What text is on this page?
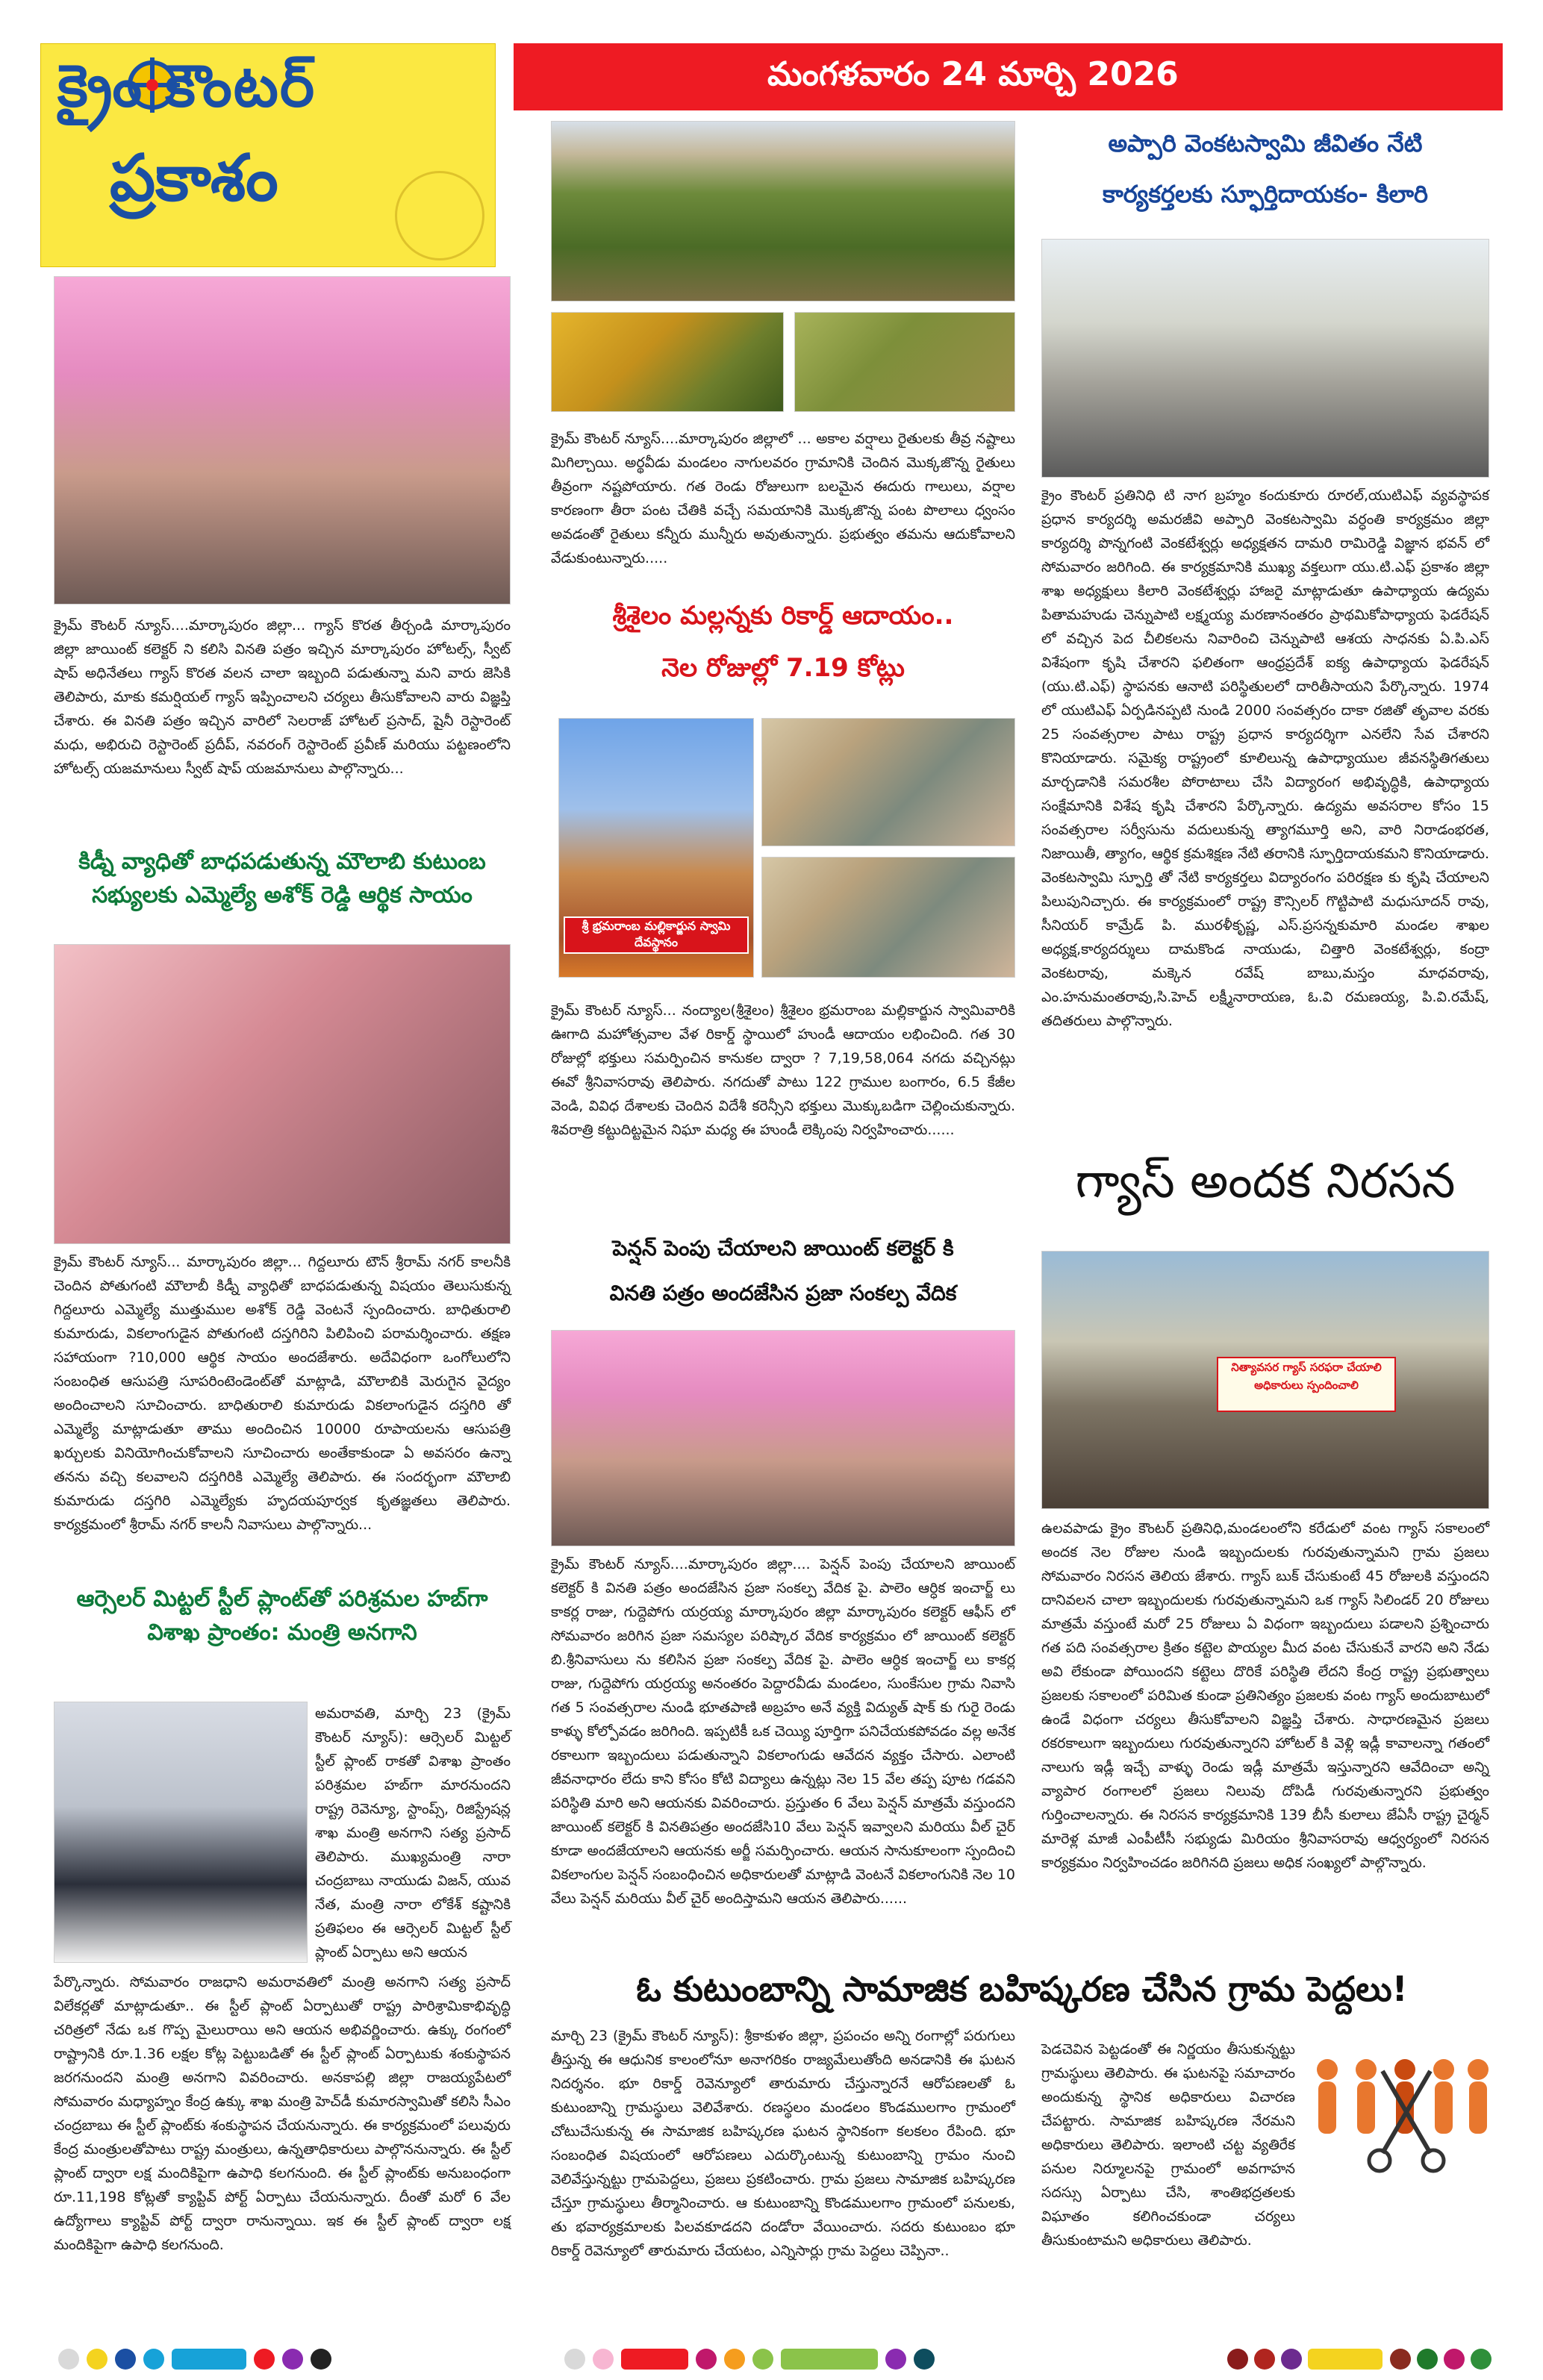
క్రైం కౌంటర్
ప్రకాశం
మంగళవారం 24 మార్చి 2026
క్రైమ్ కౌంటర్ న్యూస్....మార్కాపురం జిల్లా... గ్యాస్ కొరత తీర్చండి మార్కాపురం జిల్లా జాయింట్ కలెక్టర్ ని కలిసి వినతి పత్రం ఇచ్చిన మార్కాపురం హోటల్స్, స్వీట్ షాప్ అధినేతలు గ్యాస్ కొరత వలన చాలా ఇబ్బంది పడుతున్నా మని వారు జెసికి తెలిపారు, మాకు కమర్షియల్ గ్యాస్ ఇప్పించాలని చర్యలు తీసుకోవాలని వారు విజ్ఞప్తి చేశారు. ఈ వినతి పత్రం ఇచ్చిన వారిలో సెలరాజ్ హోటల్ ప్రసాద్, షైనీ రెస్టారెంట్ మధు, అభిరుచి రెస్టారెంట్ ప్రదీప్, నవరంగ్ రెస్టారెంట్ ప్రవీణ్ మరియు పట్టణంలోని హోటల్స్ యజమానులు స్వీట్ షాప్ యజమానులు పాల్గొన్నారు...
కిడ్నీ వ్యాధితో బాధపడుతున్న మౌలాబి కుటుంబ సభ్యులకు ఎమ్మెల్యే అశోక్ రెడ్డి ఆర్థిక సాయం
క్రైమ్ కౌంటర్ న్యూస్... మార్కాపురం జిల్లా... గిద్దలూరు టౌన్ శ్రీరామ్ నగర్ కాలనీకి చెందిన పోతుగంటి మౌలాబీ కిడ్నీ వ్యాధితో బాధపడుతున్న విషయం తెలుసుకున్న గిద్దలూరు ఎమ్మెల్యే ముత్తుముల అశోక్ రెడ్డి వెంటనే స్పందించారు. బాధితురాలి కుమారుడు, వికలాంగుడైన పోతుగంటి దస్తగిరిని పిలిపించి పరామర్శించారు. తక్షణ సహాయంగా ?10,000 ఆర్థిక సాయం అందజేశారు. అదేవిధంగా ఒంగోలులోని సంబంధిత ఆసుపత్రి సూపరింటెండెంట్‌తో మాట్లాడి, మౌలాబికి మెరుగైన వైద్యం అందించాలని సూచించారు. బాధితురాలి కుమారుడు వికలాంగుడైన దస్తగిరి తో ఎమ్మెల్యే మాట్లాడుతూ తాము అందించిన 10000 రూపాయలను ఆసుపత్రి ఖర్చులకు వినియోగించుకోవాలని సూచించారు అంతేకాకుండా ఏ అవసరం ఉన్నా తనను వచ్చి కలవాలని దస్తగిరికి ఎమ్మెల్యే తెలిపారు. ఈ సందర్భంగా మౌలాబి కుమారుడు దస్తగిరి ఎమ్మెల్యేకు హృదయపూర్వక కృతజ్ఞతలు తెలిపారు. కార్యక్రమంలో శ్రీరామ్ నగర్ కాలనీ నివాసులు పాల్గొన్నారు...
ఆర్సెలర్ మిట్టల్ స్టీల్ ప్లాంట్‌తో పరిశ్రమల హబ్‌గా విశాఖ ప్రాంతం: మంత్రి అనగాని
అమరావతి, మార్చి 23 (క్రైమ్ కౌంటర్ న్యూస్): ఆర్సెలర్ మిట్టల్ స్టీల్ ప్లాంట్ రాకతో విశాఖ ప్రాంతం పరిశ్రమల హబ్‌గా మారనుందని రాష్ట్ర రెవెన్యూ, స్టాంప్స్, రిజిస్ట్రేషన్ల శాఖ మంత్రి అనగాని సత్య ప్రసాద్ తెలిపారు. ముఖ్యమంత్రి నారా చంద్రబాబు నాయుడు విజన్, యువ నేత, మంత్రి నారా లోకేశ్ కష్టానికి ప్రతిఫలం ఈ ఆర్సెలర్ మిట్టల్ స్టీల్ ప్లాంట్ ఏర్పాటు అని ఆయన
పేర్కొన్నారు. సోమవారం రాజధాని అమరావతిలో మంత్రి అనగాని సత్య ప్రసాద్ విలేకర్లతో మాట్లాడుతూ.. ఈ స్టీల్ ప్లాంట్ ఏర్పాటుతో రాష్ట్ర పారిశ్రామికాభివృద్ధి చరిత్రలో నేడు ఒక గొప్ప మైలురాయి అని ఆయన అభివర్ణించారు. ఉక్కు రంగంలో రాష్ట్రానికి రూ.1.36 లక్షల కోట్ల పెట్టుబడితో ఈ స్టీల్ ప్లాంట్ ఏర్పాటుకు శంకుస్థాపన జరగనుందని మంత్రి అనగాని వివరించారు. అనకాపల్లి జిల్లా రాజయ్యపేటలో సోమవారం మధ్యాహ్నం కేంద్ర ఉక్కు శాఖ మంత్రి హెచ్‌డీ కుమారస్వామితో కలిసి సీఎం చంద్రబాబు ఈ స్టీల్ ప్లాంట్‌కు శంకుస్థాపన చేయనున్నారు. ఈ కార్యక్రమంలో పలువురు కేంద్ర మంత్రులతోపాటు రాష్ట్ర మంత్రులు, ఉన్నతాధికారులు పాల్గొననున్నారు. ఈ స్టీల్ ప్లాంట్ ద్వారా లక్ష మందికిపైగా ఉపాధి కలగనుంది. ఈ స్టీల్ ప్లాంట్‌కు అనుబంధంగా రూ.11,198 కోట్లతో క్యాప్టివ్ పోర్ట్ ఏర్పాటు చేయనున్నారు. దీంతో మరో 6 వేల ఉద్యోగాలు క్యాప్టివ్ పోర్ట్ ద్వారా రానున్నాయి. ఇక ఈ స్టీల్ ప్లాంట్ ద్వారా లక్ష మందికిపైగా ఉపాధి కలగనుంది.
క్రైమ్ కౌంటర్ న్యూస్....మార్కాపురం జిల్లాలో ... అకాల వర్షాలు రైతులకు తీవ్ర నష్టాలు మిగిల్చాయి. అర్థవీడు మండలం నాగులవరం గ్రామానికి చెందిన మొక్కజొన్న రైతులు తీవ్రంగా నష్టపోయారు. గత రెండు రోజులుగా బలమైన ఈదురు గాలులు, వర్షాల కారణంగా తీరా పంట చేతికి వచ్చే సమయానికి మొక్కజొన్న పంట పొలాలు ధ్వంసం అవడంతో రైతులు కన్నీరు మున్నీరు అవుతున్నారు. ప్రభుత్వం తమను ఆదుకోవాలని వేడుకుంటున్నారు.....
శ్రీశైలం మల్లన్నకు రికార్డ్ ఆదాయం..
నెల రోజుల్లో 7.19 కోట్లు
శ్రీ భ్రమరాంబ మల్లికార్జున స్వామి దేవస్థానం
క్రైమ్ కౌంటర్ న్యూస్... నంద్యాల(శ్రీశైలం) శ్రీశైలం భ్రమరాంబ మల్లికార్జున స్వామివారికి ఊగాది మహోత్సవాల వేళ రికార్డ్ స్థాయిలో హుండీ ఆదాయం లభించింది. గత 30 రోజుల్లో భక్తులు సమర్పించిన కానుకల ద్వారా ? 7,19,58,064 నగదు వచ్చినట్లు ఈవో శ్రీనివాసరావు తెలిపారు. నగదుతో పాటు 122 గ్రాముల బంగారం, 6.5 కేజీల వెండి, వివిధ దేశాలకు చెందిన విదేశీ కరెన్సీని భక్తులు మొక్కుబడిగా చెల్లించుకున్నారు. శివరాత్రి కట్టుదిట్టమైన నిఘా మధ్య ఈ హుండీ లెక్కింపు నిర్వహించారు......
పెన్షన్ పెంపు చేయాలని జాయింట్ కలెక్టర్ కి
వినతి పత్రం అందజేసిన ప్రజా సంకల్ప వేదిక
క్రైమ్ కౌంటర్ న్యూస్....మార్కాపురం జిల్లా.... పెన్షన్ పెంపు చేయాలని జాయింట్ కలెక్టర్ కి వినతి పత్రం అందజేసిన ప్రజా సంకల్ప వేదిక పై. పాలెం ఆర్ధిక ఇంచార్జ్ లు కాకర్ల రాజు, గుద్దెపోగు యర్రయ్య మార్కాపురం జిల్లా మార్కాపురం కలెక్టర్ ఆఫీస్ లో సోమవారం జరిగిన ప్రజా సమస్యల పరిష్కార వేదిక కార్యక్రమం లో జాయింట్ కలెక్టర్ బి.శ్రీనివాసులు ను కలిసిన ప్రజా సంకల్ప వేదిక పై. పాలెం ఆర్ధిక ఇంచార్జ్ లు కాకర్ల రాజు, గుద్దెపోగు యర్రయ్య అనంతరం పెద్దారవీడు మండలం, సుంకేసుల గ్రామ నివాసి గత 5 సంవత్సరాల నుండి భూతపాణి అబ్రహం అనే వ్యక్తి విద్యుత్ షాక్ కు గురై రెండు కాళ్ళు కోల్పోవడం జరిగింది. ఇప్పటికీ ఒక చెయ్యి పూర్తిగా పనిచేయకపోవడం వల్ల అనేక రకాలుగా ఇబ్బందులు పడుతున్నాని వికలాంగుడు ఆవేదన వ్యక్తం చేసారు. ఎలాంటి జీవనాధారం లేదు కాని కోసం కోటి విద్యాలు ఉన్నట్లు నెల 15 వేల తప్ప పూట గడవని పరిస్థితి మారి అని ఆయనకు వివరించారు. ప్రస్తుతం 6 వేలు పెన్షన్ మాత్రమే వస్తుందని జాయింట్ కలెక్టర్ కి వినతిపత్రం అందజేసి10 వేలు పెన్షన్ ఇవ్వాలని మరియు వీల్ చైర్ కూడా అందజేయాలని ఆయనకు అర్జీ సమర్పించారు. ఆయన సానుకూలంగా స్పందించి వికలాంగుల పెన్షన్ సంబంధించిన అధికారులతో మాట్లాడి వెంటనే వికలాంగునికి నెల 10 వేలు పెన్షన్ మరియు వీల్ చైర్ అందిస్తామని ఆయన తెలిపారు......
అప్పారి వెంకటస్వామి జీవితం నేటి
కార్యకర్తలకు స్ఫూర్తిదాయకం- కిలారి
క్రైం కౌంటర్ ప్రతినిధి టి నాగ బ్రహ్మం కందుకూరు రూరల్,యుటిఎఫ్ వ్యవస్థాపక ప్రధాన కార్యదర్శి అమరజీవి అప్పారి వెంకటస్వామి వర్ధంతి కార్యక్రమం జిల్లా కార్యదర్శి పొన్నగంటి వెంకటేశ్వర్లు అధ్యక్షతన దామరి రామిరెడ్డి విజ్ఞాన భవన్ లో సోమవారం జరిగింది. ఈ కార్యక్రమానికి ముఖ్య వక్తలుగా యు.టి.ఎఫ్ ప్రకాశం జిల్లా శాఖ అధ్యక్షులు కిలారి వెంకటేశ్వర్లు హాజరై మాట్లాడుతూ ఉపాధ్యాయ ఉద్యమ పితామహుడు చెన్నుపాటి లక్ష్మయ్య మరణానంతరం ప్రాథమికోపాధ్యాయ ఫెడరేషన్ లో వచ్చిన పెద చీలికలను నివారించి చెన్నుపాటి ఆశయ సాధనకు ఏ.పి.ఎస్ విశేషంగా కృషి చేశారని ఫలితంగా ఆంధ్రప్రదేశ్ ఐక్య ఉపాధ్యాయ ఫెడరేషన్ (యు.టి.ఎఫ్) స్థాపనకు ఆనాటి పరిస్థితులలో దారితీసాయని పేర్కొన్నారు. 1974 లో యుటిఎఫ్ ఏర్పడినప్పటి నుండి 2000 సంవత్సరం దాకా రజితో తృవాల వరకు 25 సంవత్సరాల పాటు రాష్ట్ర ప్రధాన కార్యదర్శిగా ఎనలేని సేవ చేశారని కొనియాడారు. సమైక్య రాష్ట్రంలో కూలిలున్న ఉపాధ్యాయుల జీవనస్థితిగతులు మార్చడానికి సమరశీల పోరాటాలు చేసి విద్యారంగ అభివృద్ధికి, ఉపాధ్యాయ సంక్షేమానికి విశేష కృషి చేశారని పేర్కొన్నారు. ఉద్యమ అవసరాల కోసం 15 సంవత్సరాల సర్వీసును వదులుకున్న త్యాగమూర్తి అని, వారి నిరాడంభరత, నిజాయితీ, త్యాగం, ఆర్థిక క్రమశిక్షణ నేటి తరానికి స్ఫూర్తిదాయకమని కొనియాడారు. వెంకటస్వామి స్ఫూర్తి తో నేటి కార్యకర్తలు విద్యారంగం పరిరక్షణ కు కృషి చేయాలని పిలుపునిచ్చారు. ఈ కార్యక్రమంలో రాష్ట్ర కౌన్సిలర్ గొట్టిపాటి మధుసూదన్ రావు, సీనియర్ కామ్రేడ్ పి. మురళీకృష్ణ, ఎస్.ప్రసన్నకుమారి మండల శాఖల అధ్యక్ష,కార్యదర్శులు దామకొండ నాయుడు, చిత్తారి వెంకటేశ్వర్లు, కంద్రా వెంకటరావు, మక్కెన రవేష్ బాబు,మస్తం మాధవరావు, ఎం.హనుమంతరావు,సి.హెచ్ లక్ష్మీనారాయణ, ఓ.వి రమణయ్య, పి.వి.రమేష్, తదితరులు పాల్గొన్నారు.
గ్యాస్ అందక నిరసన
నిత్యావసర గ్యాస్ సరఫరా చేయాలి
అధికారులు స్పందించాలి
ఉలవపాడు క్రైం కౌంటర్ ప్రతినిధి,మండలంలోని కరేడులో వంట గ్యాస్ సకాలంలో అందక నెల రోజుల నుండి ఇబ్బందులకు గురవుతున్నామని గ్రామ ప్రజలు సోమవారం నిరసన తెలియ జేశారు. గ్యాస్ బుక్ చేసుకుంటే 45 రోజులకి వస్తుందని దానివలన చాలా ఇబ్బందులకు గురవుతున్నామని ఒక గ్యాస్ సిలిండర్ 20 రోజులు మాత్రమే వస్తుంటే మరో 25 రోజులు ఏ విధంగా ఇబ్బందులు పడాలని ప్రశ్నించారు గత పది సంవత్సరాల క్రితం కట్టెల పొయ్యల మీద వంట చేసుకునే వారని అని నేడు అవి లేకుండా పోయిందని కట్టెలు దొరికే పరిస్థితి లేదని కేంద్ర రాష్ట్ర ప్రభుత్వాలు ప్రజలకు సకాలంలో పరిమిత కుండా ప్రతినిత్యం ప్రజలకు వంట గ్యాస్ అందుబాటులో ఉండే విధంగా చర్యలు తీసుకోవాలని విజ్ఞప్తి చేశారు. సాధారణమైన ప్రజలు రకరకాలుగా ఇబ్బందులు గురవుతున్నారని హోటల్ కి వెళ్లి ఇడ్లీ కావాలన్నా గతంలో నాలుగు ఇడ్లీ ఇచ్చే వాళ్ళు రెండు ఇడ్లీ మాత్రమే ఇస్తున్నారని ఆవేదించా అన్ని వ్యాపార రంగాలలో ప్రజలు నిలువు దోపిడీ గురవుతున్నారని ప్రభుత్వం గుర్తించాలన్నారు. ఈ నిరసన కార్యక్రమానికి 139 బీసీ కులాలు జేఏసీ రాష్ట్ర చైర్మన్ మారెళ్ల మాజీ ఎంపీటీసీ సభ్యుడు మిరియం శ్రీనివాసరావు ఆధ్వర్యంలో నిరసన కార్యక్రమం నిర్వహించడం జరిగినది ప్రజలు అధిక సంఖ్యలో పాల్గొన్నారు.
ఓ కుటుంబాన్ని సామాజిక బహిష్కరణ చేసిన గ్రామ పెద్దలు!
మార్చి 23 (క్రైమ్ కౌంటర్ న్యూస్): శ్రీకాకుళం జిల్లా, ప్రపంచం అన్ని రంగాల్లో పరుగులు తీస్తున్న ఈ ఆధునిక కాలంలోనూ అనాగరికం రాజ్యమేలుతోంది అనడానికి ఈ ఘటన నిదర్శనం. భూ రికార్డ్ రెవెన్యూలో తారుమారు చేస్తున్నారనే ఆరోపణలతో ఓ కుటుంబాన్ని గ్రామస్థులు వెలివేశారు. రణస్థలం మండలం కొండములగాం గ్రామంలో చోటుచేసుకున్న ఈ సామాజిక బహిష్కరణ ఘటన స్థానికంగా కలకలం రేపింది. భూ సంబంధిత విషయంలో ఆరోపణలు ఎదుర్కొంటున్న కుటుంబాన్ని గ్రామం నుంచి వెలివేస్తున్నట్టు గ్రామపెద్దలు, ప్రజలు ప్రకటించారు. గ్రామ ప్రజలు సామాజిక బహిష్కరణ చేస్తూ గ్రామస్థులు తీర్మానించారు. ఆ కుటుంబాన్ని కొండములగాం గ్రామంలో పనులకు, తు భవార్యక్రమాలకు పిలవకూడదని దండోరా వేయించారు. సదరు కుటుంబం భూ రికార్డ్ రెవెన్యూలో తారుమారు చేయటం, ఎన్నిసార్లు గ్రామ పెద్దలు చెప్పినా..
పెడచెవిన పెట్టడంతో ఈ నిర్ణయం తీసుకున్నట్టు గ్రామస్థులు తెలిపారు. ఈ ఘటనపై సమాచారం అందుకున్న స్థానిక అధికారులు విచారణ చేపట్టారు. సామాజిక బహిష్కరణ నేరమని అధికారులు తెలిపారు. ఇలాంటి చట్ట వ్యతిరేక పనుల నిర్మూలనపై గ్రామంలో అవగాహన సదస్సు ఏర్పాటు చేసి, శాంతిభద్రతలకు విఘాతం కలిగించకుండా చర్యలు తీసుకుంటామని అధికారులు తెలిపారు.
